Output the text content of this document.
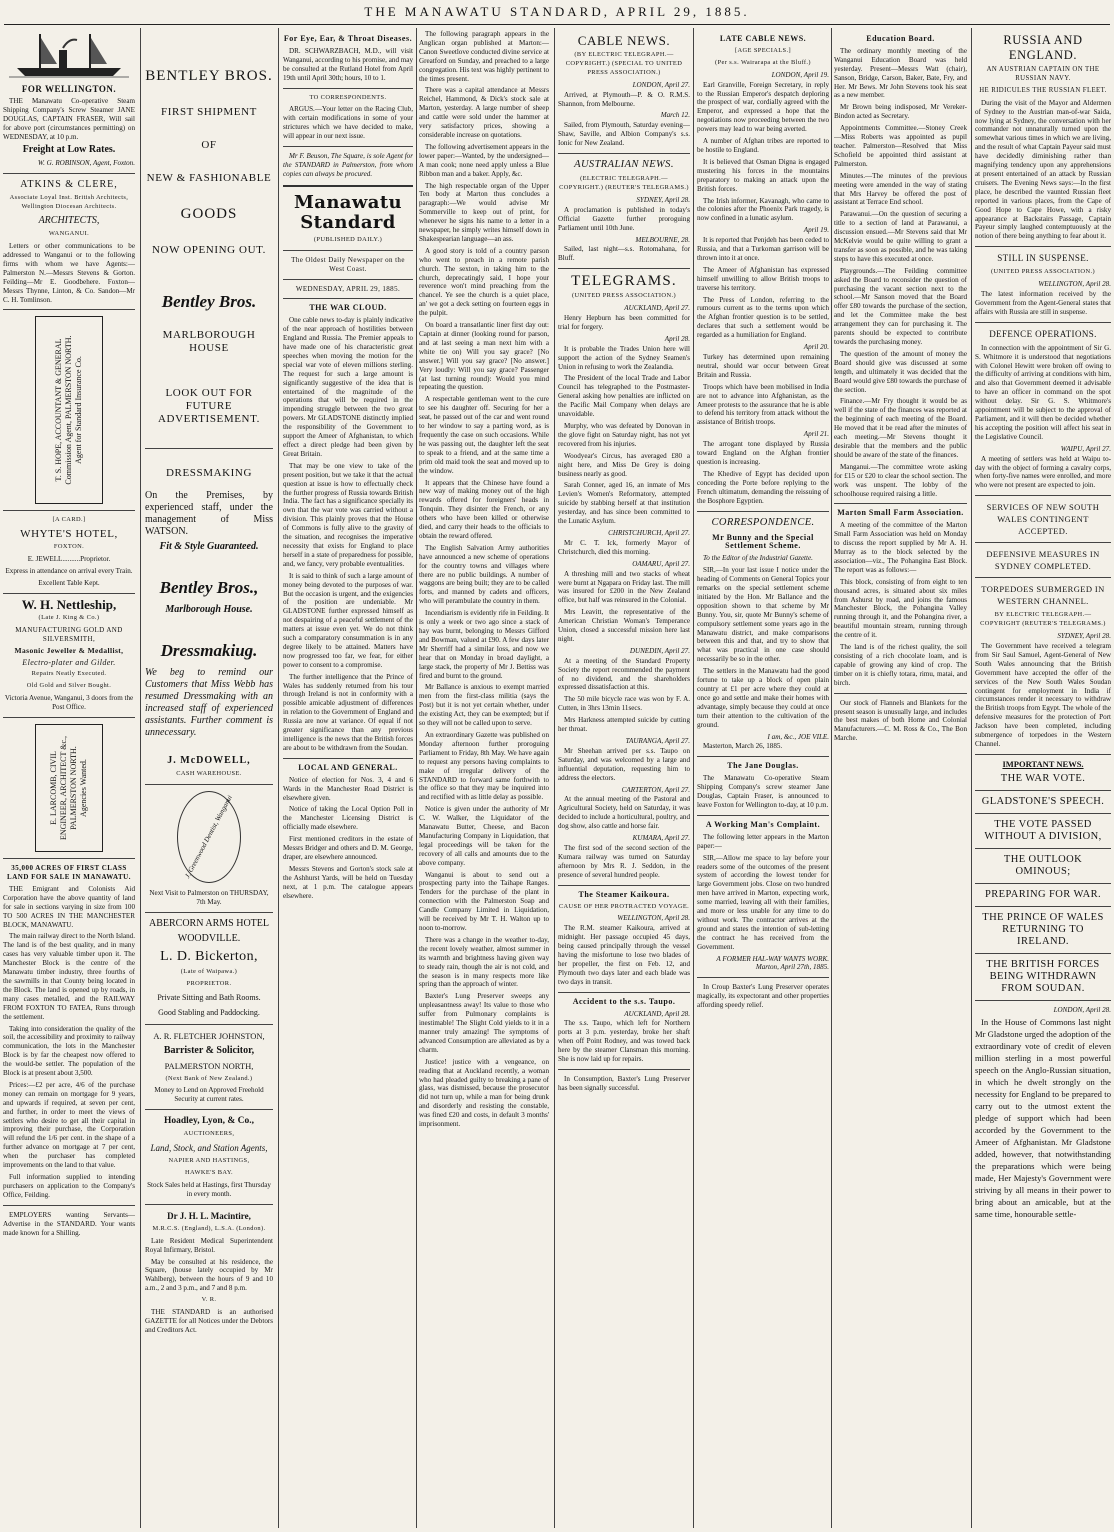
THE MANAWATU STANDARD, APRIL 29, 1885.
FOR WELLINGTON.

THE Manawatu Co-operative Steam Shipping Company's Screw Steamer JANE DOUGLAS, CAPTAIN FRASER, Will sail for above port (circumstances permitting) on WEDNESDAY, at 10 p.m.

Freight at Low Rates.

W. G. ROBINSON, Agent, Foxton.

ATKINS & CLERE,
Associate Loyal Inst. British Architects, Wellington Diocesan Architects.
ARCHITECTS,
WANGANUI.

Letters or other communications to be addressed to Wanganui or to the following firms with whom we have Agents:— Palmerston N.—Messrs Stevens & Gorton. Feilding—Mr E. Goodbehere. Foxton—Messrs Thynne, Linton, & Co. Sandon—Mr C. H. Tomlinson.

T. S. HOPE, ACCOUNTANT & GENERAL Commission Agent, PALMERSTON NORTH. Agent for Standard Insurance Co.
[A CARD.]
WHYTE'S HOTEL,
FOXTON.

E. JEWELL..........Proprietor.

Express in attendance on arrival every Train.

Excellent Table Kept.

W. H. Nettleship,
(Late J. King & Co.)
MANUFACTURING GOLD AND SILVERSMITH,
Masonic Jeweller & Medallist,
Electro-plater and Gilder.
Repairs Neatly Executed.
Old Gold and Silver Bought.

Victoria Avenue, Wanganui, 3 doors from the Post Office.

E. LARCOMB, CIVIL ENGINEER, ARCHITECT &c., PALMERSTON NORTH. Agencies Wanted.
35,000 ACRES OF FIRST CLASS LAND FOR SALE IN MANAWATU.

THE Emigrant and Colonists Aid Corporation have the above quantity of land for sale in sections varying in size from 100 TO 500 ACRES IN THE MANCHESTER BLOCK, MANAWATU.

The main railway direct to the North Island. The land is of the best quality, and in many cases has very valuable timber upon it. The Manchester Block is the centre of the Manawatu timber industry, three fourths of the sawmills in that County being located in the Block. The land is opened up by roads, in many cases metalled, and the RAILWAY FROM FOXTON TO FATEA, Runs through the settlement.

Taking into consideration the quality of the soil, the accessibility and proximity to railway communication, the lots in the Manchester Block is by far the cheapest now offered to the would-be settler. The population of the Block is at present about 3,500.

Prices:—£2 per acre, 4/6 of the purchase money can remain on mortgage for 9 years, and upwards if required, at seven per cent, and further, in order to meet the views of settlers who desire to get all their capital in improving their purchase, the Corporation will refund the 1/6 per cent. in the shape of a further advance on mortgage at 7 per cent, when the purchaser has completed improvements on the land to that value.

Full information supplied to intending purchasers on application to the Company's Office, Feilding.

EMPLOYERS wanting Servants—Advertise in the STANDARD. Your wants made known for a Shilling.

BENTLEY BROS.
FIRST SHIPMENT
OF
NEW & FASHIONABLE
GOODS
NOW OPENING OUT.
Bentley Bros.
MARLBOROUGH HOUSE
LOOK OUT FOR FUTURE ADVERTISEMENT.
DRESSMAKING
On the Premises, by experienced staff, under the management of Miss WATSON.
Fit & Style Guaranteed.
Bentley Bros.,
Marlborough House.
Dressmakiug.
We beg to remind our Customers that Miss Webb has resumed Dressmaking with an increased staff of experienced assistants. Further comment is unnecessary.
J. McDOWELL,
CASH WAREHOUSE.
J. Greenwood Dentist, Wanganui

Next Visit to Palmerston on THURSDAY, 7th May.

ABERCORN ARMS HOTEL
WOODVILLE.
L. D. Bickerton,
(Late of Waipawa.)
PROPRIETOR.
Private Sitting and Bath Rooms.
Good Stabling and Paddocking.
A. R. FLETCHER JOHNSTON,
Barrister & Solicitor,
PALMERSTON NORTH,
(Next Bank of New Zealand.)

Money to Lend on Approved Freehold Security at current rates.

Hoadley, Lyon, & Co.,
AUCTIONEERS,
Land, Stock, and Station Agents,
NAPIER AND HASTINGS,
HAWKE'S BAY.

Stock Sales held at Hastings, first Thursday in every month.

Dr J. H. L. Macintire,
M.R.C.S. (England), L.S.A. (London).

Late Resident Medical Superintendent Royal Infirmary, Bristol.

May be consulted at his residence, the Square, (house lately occupied by Mr Wahlberg), between the hours of 9 and 10 a.m., 2 and 3 p.m., and 7 and 8 p.m.

V. R.

THE STANDARD is an authorised GAZETTE for all Notices under the Debtors and Creditors Act.

For Eye, Ear, & Throat Diseases.

DR. SCHWARZBACH, M.D., will visit Wanganui, according to his promise, and may be consulted at the Rutland Hotel from April 19th until April 30th; hours, 10 to 1.

TO CORRESPONDENTS.

ARGUS.—Your letter on the Racing Club, with certain modifications in some of your strictures which we have decided to make, will appear in our next issue.

Mr F. Beuson, The Square, is sole Agent for the STANDARD in Palmerston, from whom copies can always be procured.

Manawatu Standard
(PUBLISHED DAILY.)
The Oldest Daily Newspaper on the West Coast.
WEDNESDAY, APRIL 29, 1885.
THE WAR CLOUD.

One cable news to-day is plainly indicative of the near approach of hostilities between England and Russia. The Premier appeals to have made one of his characteristic great speeches when moving the motion for the special war vote of eleven millions sterling. The request for such a large amount is significantly suggestive of the idea that is entertained of the magnitude of the operations that will be required in the impending struggle between the two great powers. Mr GLADSTONE distinctly implied the responsibility of the Government to support the Ameer of Afghanistan, to which effect a direct pledge had been given by Great Britain.

That may be one view to take of the present position, but we take it that the actual question at issue is how to effectually check the further progress of Russia towards British India. The fact has a significance specially its own that the war vote was carried without a division. This plainly proves that the House of Commons is fully alive to the gravity of the situation, and recognises the imperative necessity that exists for England to place herself in a state of preparedness for possible, and, we fancy, very probable eventualities.

It is said to think of such a large amount of money being devoted to the purposes of war. But the occasion is urgent, and the exigencies of the position are undeniable. Mr GLADSTONE further expressed himself as not despairing of a peaceful settlement of the matters at issue even yet. We do not think such a comparatory consummation is in any degree likely to be attained. Matters have now progressed too far, we fear, for either power to consent to a compromise.

The further intelligence that the Prince of Wales has suddenly returned from his tour through Ireland is not in conformity with a possible amicable adjustment of differences in relation to the Government of England and Russia are now at variance. Of equal if not greater significance than any previous intelligence is the news that the British forces are about to be withdrawn from the Soudan.

LOCAL AND GENERAL.

Notice of election for Nos. 3, 4 and 6 Wards in the Manchester Road District is elsewhere given.

Notice of taking the Local Option Poll in the Manchester Licensing District is officially made elsewhere.

First mentioned creditors in the estate of Messrs Bridger and others and D. M. George, draper, are elsewhere announced.

Messrs Stevens and Gorton's stock sale at the Ashhurst Yards, will be held on Tuesday next, at 1 p.m. The catalogue appears elsewhere.

The following paragraph appears in the Anglican organ published at Marton:—Canon Sweetlove conducted divine service at Greatford on Sunday, and preached to a large congregation. His text was highly pertinent to the times present.

There was a capital attendance at Messrs Reichel, Hammond, & Dick's stock sale at Marton, yesterday. A large number of sheep and cattle were sold under the hammer at very satisfactory prices, showing a considerable increase on quotations.

The following advertisement appears in the lower paper:—Wanted, by the undersigned—A man cook; none need apply unless a Blue Ribbon man and a baker. Apply, &c.

The high respectable organ of the Upper Ten body at Marton thus concludes a paragraph:—We would advise Mr Sommerville to keep out of print, for whenever he signs his name to a letter in a newspaper, he simply writes himself down in Shakespearian language—an ass.

A good story is told of a country parson who went to preach in a remote parish church. The sexton, in taking him to the church, deprecatingly said, I hope your reverence won't mind preaching from the chancel. Ye see the church is a quiet place, an' we got a deck setting on fourteen eggs in the pulpit.

On board a transatlantic liner first day out: Captain at dinner (looking round for parson, and at last seeing a man next him with a white tie on) Will you say grace? [No answer.] Will you say grace? [No answer.] Very loudly: Will you say grace? Passenger (at last turning round): Would you mind repeating the question.

A respectable gentleman went to the cure to see his daughter off. Securing for her a seat, he passed out of the car and went round to her window to say a parting word, as is frequently the case on such occasions. While he was passing out, the daughter left the seat to speak to a friend, and at the same time a prim old maid took the seat and moved up to the window.

It appears that the Chinese have found a new way of making money out of the high rewards offered for foreigners' heads in Tonquin. They disinter the French, or any others who have been killed or otherwise died, and carry their heads to the officials to obtain the reward offered.

The English Salvation Army authorities have announced a new scheme of operations for the country towns and villages where there are no public buildings. A number of waggons are being built; they are to be called forts, and manned by cadets and officers, who will perambulate the country in them.

Incendiarism is evidently rife in Feilding. It is only a week or two ago since a stack of hay was burnt, belonging to Messrs Gifford and Bowman, valued at £90. A few days later Mr Sherriff had a similar loss, and now we hear that on Monday in broad daylight, a large stack, the property of Mr J. Bettiss was fired and burnt to the ground.

Mr Ballance is anxious to exempt married men from the first-class militia (says the Post) but it is not yet certain whether, under the existing Act, they can be exempted; but if so they will not be called upon to serve.

An extraordinary Gazette was published on Monday afternoon further proroguing Parliament to Friday, 8th May. We have again to request any persons having complaints to make of irregular delivery of the STANDARD to forward same forthwith to the office so that they may be inquired into and rectified with as little delay as possible.

Notice is given under the authority of Mr C. W. Walker, the Liquidator of the Manawatu Butter, Cheese, and Bacon Manufacturing Company in Liquidation, that legal proceedings will be taken for the recovery of all calls and amounts due to the above company.

Wanganui is about to send out a prospecting party into the Taihape Ranges. Tenders for the purchase of the plant in connection with the Palmerston Soap and Candle Company Limited in Liquidation, will be received by Mr T. H. Walton up to noon to-morrow.

There was a change in the weather to-day, the recent lovely weather, almost summer in its warmth and brightness having given way to steady rain, though the air is not cold, and the season is in many respects more like spring than the approach of winter.

Baxter's Lung Preserver sweeps any unpleasantness away! Its value to those who suffer from Pulmonary complaints is inestimable! The Slight Cold yields to it in a manner truly amazing! The symptoms of advanced Consumption are alleviated as by a charm.

Justice! justice with a vengeance, on reading that at Auckland recently, a woman who had pleaded guilty to breaking a pane of glass, was dismissed, because the prosecutor did not turn up, while a man for being drunk and disorderly and resisting the constable, was fined £20 and costs, in default 3 months' imprisonment.

CABLE NEWS.
(BY ELECTRIC TELEGRAPH.—COPYRIGHT.) (SPECIAL TO UNITED PRESS ASSOCIATION.)

LONDON, April 27.

Arrived, at Plymouth—P. & O. R.M.S. Shannon, from Melbourne.

March 12.

Sailed, from Plymouth, Saturday evening—Shaw, Saville, and Albion Company's s.s. Ionic for New Zealand.

AUSTRALIAN NEWS.
(ELECTRIC TELEGRAPH.—COPYRIGHT.) (REUTER'S TELEGRAMS.)

SYDNEY, April 28.

A proclamation is published in today's Official Gazette further proroguing Parliament until 10th June.

MELBOURNE, 28.

Sailed, last night—s.s. Rotomahana, for Bluff.

TELEGRAMS.
(UNITED PRESS ASSOCIATION.)

AUCKLAND, April 27.

Henry Hepburn has been committed for trial for forgery.

April 28.

It is probable the Trades Union here will support the action of the Sydney Seamen's Union in refusing to work the Zealandia.

The President of the local Trade and Labor Council has telegraphed to the Postmaster-General asking how penalties are inflicted on the Pacific Mail Company when delays are unavoidable.

Murphy, who was defeated by Donovan in the glove fight on Saturday night, has not yet recovered from his injuries.

Woodyear's Circus, has averaged £80 a night here, and Miss De Grey is doing business nearly as good.

Sarah Conner, aged 16, an inmate of Mrs Levien's Women's Reformatory, attempted suicide by stabbing herself at that institution yesterday, and has since been committed to the Lunatic Asylum.

CHRISTCHURCH, April 27.

Mr C. T. Ick, formerly Mayor of Christchurch, died this morning.

OAMARU, April 27.

A threshing mill and two stacks of wheat were burnt at Ngapara on Friday last. The mill was insured for £200 in the New Zealand office, but half was reinsured in the Colonial.

Mrs Leavitt, the representative of the American Christian Woman's Temperance Union, closed a successful mission here last night.

DUNEDIN, April 27.

At a meeting of the Standard Property Society the report recommended the payment of no dividend, and the shareholders expressed dissatisfaction at this.

The 50 mile bicycle race was won by F. A. Cutten, in 3hrs 13min 11secs.

Mrs Harkness attempted suicide by cutting her throat.

TAURANGA, April 27.

Mr Sheehan arrived per s.s. Taupo on Saturday, and was welcomed by a large and influential deputation, requesting him to address the electors.

CARTERTON, April 27.

At the annual meeting of the Pastoral and Agricultural Society, held on Saturday, it was decided to include a horticultural, poultry, and dog show, also cattle and horse fair.

KUMARA, April 27.

The first sod of the second section of the Kumara railway was turned on Saturday afternoon by Mrs R. J. Seddon, in the presence of several hundred people.

The Steamer Kaikoura.
CAUSE OF HER PROTRACTED VOYAGE.

WELLINGTON, April 28.

The R.M. steamer Kaikoura, arrived at midnight. Her passage occupied 45 days, being caused principally through the vessel having the misfortune to lose two blades of her propeller, the first on Feb. 12, and Plymouth two days later and each blade was two days in transit.

Accident to the s.s. Taupo.

AUCKLAND, April 28.

The s.s. Taupo, which left for Northern ports at 3 p.m. yesterday, broke her shaft when off Point Rodney, and was towed back here by the steamer Clansman this morning. She is now laid up for repairs.

In Consumption, Baxter's Lung Preserver has been signally successful.

LATE CABLE NEWS.
[AGE SPECIALS.]
(Per s.s. Wairarapa at the Bluff.)

LONDON, April 19.

Earl Granville, Foreign Secretary, in reply to the Russian Emperor's despatch deploring the prospect of war, cordially agreed with the Emperor, and expressed a hope that the negotiations now proceeding between the two powers may lead to war being averted.

A number of Afghan tribes are reported to be hostile to England.

It is believed that Osman Digna is engaged mustering his forces in the mountains preparatory to making an attack upon the British forces.

The Irish informer, Kavanagh, who came to the colonies after the Phoenix Park tragedy, is now confined in a lunatic asylum.

April 19.

It is reported that Penjdeh has been ceded to Russia, and that a Turkoman garrison will be thrown into it at once.

The Ameer of Afghanistan has expressed himself unwilling to allow British troops to traverse his territory.

The Press of London, referring to the rumours current as to the terms upon which the Afghan frontier question is to be settled, declares that such a settlement would be regarded as a humiliation for England.

April 20.

Turkey has determined upon remaining neutral, should war occur between Great Britain and Russia.

Troops which have been mobilised in India are not to advance into Afghanistan, as the Ameer protests to the assurance that he is able to defend his territory from attack without the assistance of British troops.

April 21.

The arrogant tone displayed by Russia toward England on the Afghan frontier question is increasing.

The Khedive of Egypt has decided upon conceding the Porte before replying to the French ultimatum, demanding the reissuing of the Bosphore Egyptien.

CORRESPONDENCE.
Mr Bunny and the Special Settlement Scheme.

To the Editor of the Industrial Gazette.

SIR,—In your last issue I notice under the heading of Comments on General Topics your remarks on the special settlement scheme initiated by the Hon. Mr Ballance and the opposition shown to that scheme by Mr Bunny. You, sir, quote Mr Bunny's scheme of compulsory settlement some years ago in the Manawatu district, and make comparisons between this and that, and try to show that what was practical in one case should necessarily be so in the other.

The settlers in the Manawatu had the good fortune to take up a block of open plain country at £1 per acre where they could at once go and settle and make their homes with advantage, simply because they could at once turn their attention to the cultivation of the ground.

I am, &c., JOE VILE.

Masterton, March 26, 1885.

The Jane Douglas.

The Manawatu Co-operative Steam Shipping Company's screw steamer Jane Douglas, Captain Fraser, is announced to leave Foxton for Wellington to-day, at 10 p.m.

A Working Man's Complaint.

The following letter appears in the Marton paper:—

SIR,—Allow me space to lay before your readers some of the outcomes of the present system of according the lowest tender for large Government jobs. Close on two hundred men have arrived in Marton, expecting work, some married, leaving all with their families, and more or less unable for any time to do without work. The contractor arrives at the ground and states the intention of sub-letting the contract he has received from the Government.

A FORMER HAL-WAY WANTS WORK. Marton, April 27th, 1885.

In Croup Baxter's Lung Preserver operates magically, its expectorant and other properties affording speedy relief.

Education Board.

The ordinary monthly meeting of the Wanganui Education Board was held yesterday. Present—Messrs Watt (chair), Sanson, Bridge, Carson, Baker, Bate, Fry, and Her. Mr Bews. Mr John Stevens took his seat as a new member.

Mr Brown being indisposed, Mr Vereker-Bindon acted as Secretary.

Appointments Committee.—Stoney Creek—Miss Roberts was appointed as pupil teacher. Palmerston—Resolved that Miss Schofield be appointed third assistant at Palmerston.

Minutes.—The minutes of the previous meeting were amended in the way of stating that Mrs Harvey be offered the post of assistant at Terrace End school.

Parawanui.—On the question of securing a title to a section of land at Parawanui, a discussion ensued.—Mr Stevens said that Mr McKelvie would be quite willing to grant a transfer as soon as possible, and he was taking steps to have this executed at once.

Playgrounds.—The Feilding committee asked the Board to reconsider the question of purchasing the vacant section next to the school.—Mr Sanson moved that the Board offer £80 towards the purchase of the section, and let the Committee make the best arrangement they can for purchasing it. The parents should be expected to contribute towards the purchasing money.

The question of the amount of money the Board should give was discussed at some length, and ultimately it was decided that the Board would give £80 towards the purchase of the section.

Finance.—Mr Fry thought it would be as well if the state of the finances was reported at the beginning of each meeting of the Board. He moved that it be read after the minutes of each meeting.—Mr Stevens thought it desirable that the members and the public should be aware of the state of the finances.

Manganui.—The committee wrote asking for £15 or £20 to clear the school section. The work was unspent. The lobby of the schoolhouse required raising a little.

Marton Small Farm Association.

A meeting of the committee of the Marton Small Farm Association was held on Monday to discuss the report supplied by Mr A. H. Murray as to the block selected by the association—viz., The Pohangina East Block. The report was as follows:—

This block, consisting of from eight to ten thousand acres, is situated about six miles from Ashurst by road, and joins the famous Manchester Block, the Pohangina Valley running through it, and the Pohangina river, a beautiful mountain stream, running through the centre of it.

The land is of the richest quality, the soil consisting of a rich chocolate loam, and is capable of growing any kind of crop. The timber on it is chiefly totara, rimu, matai, and birch.

Our stock of Flannels and Blankets for the present season is unusually large, and includes the best makes of both Home and Colonial Manufacturers.—C. M. Ross & Co., The Bon Marche.

RUSSIA AND ENGLAND.
AN AUSTRIAN CAPTAIN ON THE RUSSIAN NAVY.
HE RIDICULES THE RUSSIAN FLEET.

During the visit of the Mayor and Aldermen of Sydney to the Austrian man-of-war Saida, now lying at Sydney, the conversation with her commander not unnaturally turned upon the somewhat various times in which we are living, and the result of what Captain Payeur said must have decidedly diminishing rather than magnifying tendency upon any apprehensions at present entertained of an attack by Russian cruisers. The Evening News says:—In the first place, he described the vaunted Russian fleet reported in various places, from the Cape of Good Hope to Cape Howe, with a risky appearance at Backstairs Passage, Captain Payeur simply laughed contemptuously at the notion of there being anything to fear about it.

STILL IN SUSPENSE.
(UNITED PRESS ASSOCIATION.)

WELLINGTON, April 28.

The latest information received by the Government from the Agent-General states that affairs with Russia are still in suspense.

DEFENCE OPERATIONS.

In connection with the appointment of Sir G. S. Whitmore it is understood that negotiations with Colonel Hewitt were broken off owing to the difficulty of arriving at conditions with him, and also that Government deemed it advisable to have an officer in command on the spot without delay. Sir G. S. Whitmore's appointment will be subject to the approval of Parliament, and it will then be decided whether his accepting the position will affect his seat in the Legislative Council.

WAIPU, April 27.

A meeting of settlers was held at Waipu to-day with the object of forming a cavalry corps, when forty-five names were enrolled, and more who were not present are expected to join.

SERVICES OF NEW SOUTH WALES CONTINGENT ACCEPTED.
DEFENSIVE MEASURES IN SYDNEY COMPLETED.
TORPEDOES SUBMERGED IN WESTERN CHANNEL.
BY ELECTRIC TELEGRAPH.—COPYRIGHT (REUTER'S TELEGRAMS.)

SYDNEY, April 28.

The Government have received a telegram from Sir Saul Samuel, Agent-General of New South Wales announcing that the British Government have accepted the offer of the services of the New South Wales Soudan contingent for employment in India if circumstances render it necessary to withdraw the British troops from Egypt. The whole of the defensive measures for the protection of Port Jackson have been completed, including submergence of torpedoes in the Western Channel.

IMPORTANT NEWS.
THE WAR VOTE.
GLADSTONE'S SPEECH.
THE VOTE PASSED WITHOUT A DIVISION,
THE OUTLOOK OMINOUS;
PREPARING FOR WAR.
THE PRINCE OF WALES RETURNING TO IRELAND.
THE BRITISH FORCES BEING WITHDRAWN FROM SOUDAN.

LONDON, April 28.

In the House of Commons last night Mr Gladstone urged the adoption of the extraordinary vote of credit of eleven million sterling in a most powerful speech on the Anglo-Russian situation, in which he dwelt strongly on the necessity for England to be prepared to carry out to the utmost extent the pledge of support which had been accorded by the Government to the Ameer of Afghanistan. Mr Gladstone added, however, that notwithstanding the preparations which were being made, Her Majesty's Government were striving by all means in their power to bring about an amicable, but at the same time, honourable settle-
